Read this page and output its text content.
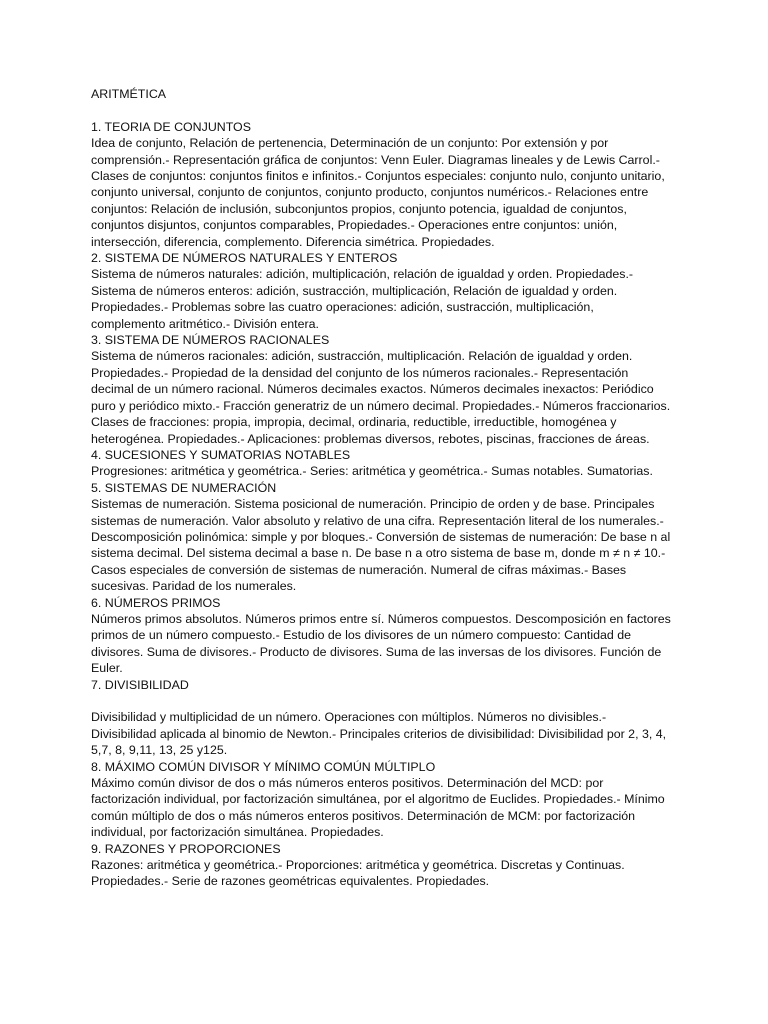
ARITMÉTICA
1. TEORIA DE CONJUNTOS

Idea de conjunto, Relación de pertenencia, Determinación de un conjunto: Por extensión y por comprensión.- Representación gráfica de conjuntos: Venn Euler. Diagramas lineales y de Lewis Carrol.- Clases de conjuntos: conjuntos finitos e infinitos.- Conjuntos especiales: conjunto nulo, conjunto unitario, conjunto universal, conjunto de conjuntos, conjunto producto, conjuntos numéricos.- Relaciones entre conjuntos: Relación de inclusión, subconjuntos propios, conjunto potencia, igualdad de conjuntos, conjuntos disjuntos, conjuntos comparables, Propiedades.- Operaciones entre conjuntos: unión, intersección, diferencia, complemento. Diferencia simétrica. Propiedades.

2. SISTEMA DE NÚMEROS NATURALES Y ENTEROS

Sistema de números naturales: adición, multiplicación, relación de igualdad y orden. Propiedades.- Sistema de números enteros: adición, sustracción, multiplicación, Relación de igualdad y orden. Propiedades.- Problemas sobre las cuatro operaciones: adición, sustracción, multiplicación, complemento aritmético.- División entera.

3. SISTEMA DE NÚMEROS RACIONALES

Sistema de números racionales: adición, sustracción, multiplicación. Relación de igualdad y orden. Propiedades.- Propiedad de la densidad del conjunto de los números racionales.- Representación decimal de un número racional. Números decimales exactos. Números decimales inexactos: Periódico puro y periódico mixto.- Fracción generatriz de un número decimal. Propiedades.- Números fraccionarios. Clases de fracciones: propia, impropia, decimal, ordinaria, reductible, irreductible, homogénea y heterogénea. Propiedades.- Aplicaciones: problemas diversos, rebotes, piscinas, fracciones de áreas.

4. SUCESIONES Y SUMATORIAS NOTABLES

Progresiones: aritmética y geométrica.- Series: aritmética y geométrica.- Sumas notables. Sumatorias.

5. SISTEMAS DE NUMERACIÓN

Sistemas de numeración. Sistema posicional de numeración. Principio de orden y de base. Principales sistemas de numeración. Valor absoluto y relativo de una cifra. Representación literal de los numerales.- Descomposición polinómica: simple y por bloques.- Conversión de sistemas de numeración: De base n al sistema decimal. Del sistema decimal a base n. De base n a otro sistema de base m, donde m ≠ n ≠ 10.- Casos especiales de conversión de sistemas de numeración. Numeral de cifras máximas.- Bases sucesivas. Paridad de los numerales.

6. NÚMEROS PRIMOS

Números primos absolutos. Números primos entre sí. Números compuestos. Descomposición en factores primos de un número compuesto.- Estudio de los divisores de un número compuesto: Cantidad de divisores. Suma de divisores.- Producto de divisores. Suma de las inversas de los divisores. Función de Euler.

7. DIVISIBILIDAD

Divisibilidad y multiplicidad de un número. Operaciones con múltiplos. Números no divisibles.- Divisibilidad aplicada al binomio de Newton.- Principales criterios de divisibilidad: Divisibilidad por 2, 3, 4, 5,7, 8, 9,11, 13, 25 y125.

8. MÁXIMO COMÚN DIVISOR Y MÍNIMO COMÚN MÚLTIPLO

Máximo común divisor de dos o más números enteros positivos. Determinación del MCD: por factorización individual, por factorización simultánea, por el algoritmo de Euclides. Propiedades.- Mínimo común múltiplo de dos o más números enteros positivos. Determinación de MCM: por factorización individual, por factorización simultánea. Propiedades.

9. RAZONES Y PROPORCIONES

Razones: aritmética y geométrica.- Proporciones: aritmética y geométrica. Discretas y Continuas. Propiedades.- Serie de razones geométricas equivalentes. Propiedades.
